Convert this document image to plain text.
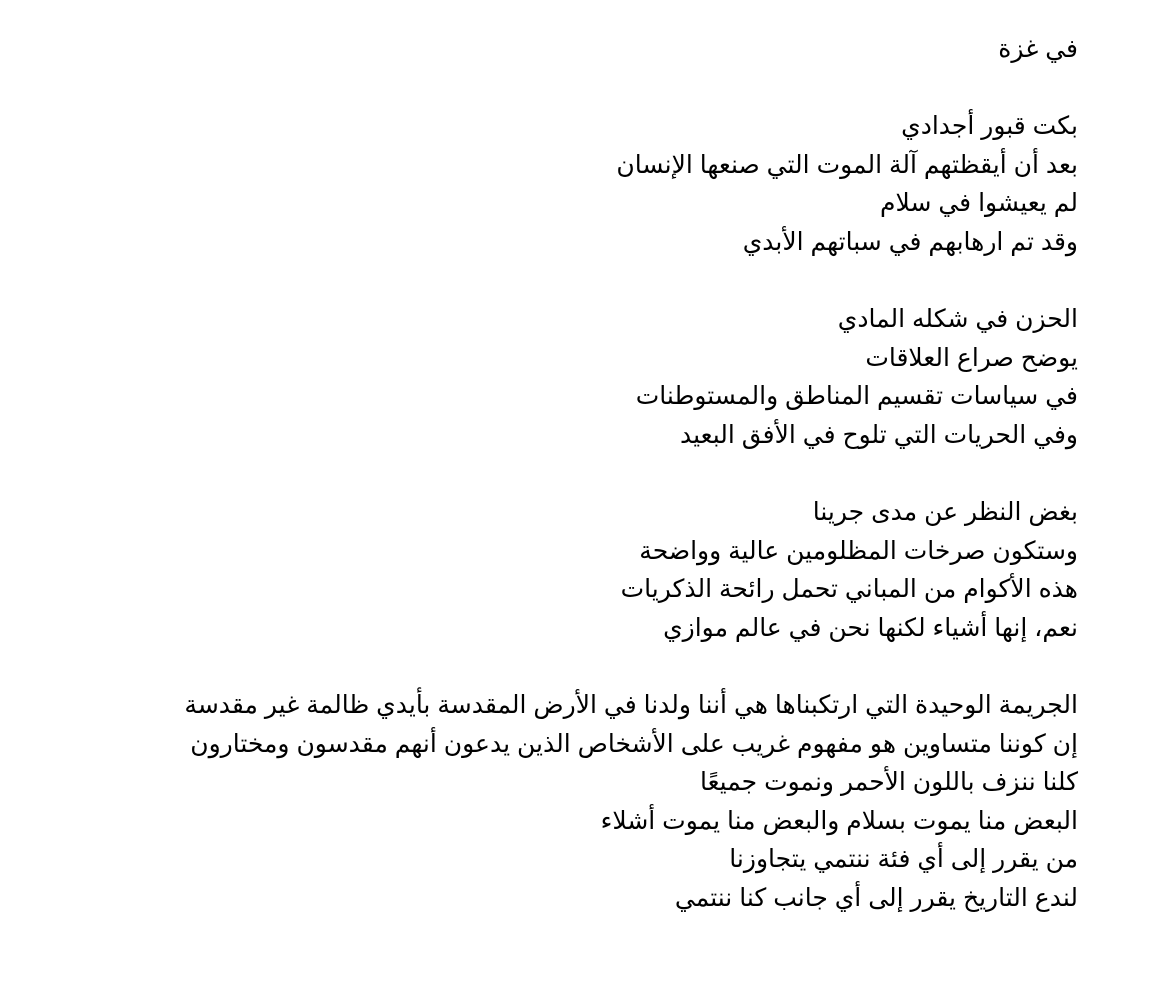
في غزة
بكت قبور أجدادي
بعد أن أيقظتهم آلة الموت التي صنعها الإنسان
لم يعيشوا في سلام
وقد تم ارهابهم في سباتهم الأبدي
الحزن في شكله المادي
يوضح صراع العلاقات
في سياسات تقسيم المناطق والمستوطنات
وفي الحريات التي تلوح في الأفق البعيد
بغض النظر عن مدى جرينا
وستكون صرخات المظلومين عالية وواضحة
هذه الأكوام من المباني تحمل رائحة الذكريات
نعم، إنها أشياء لكنها نحن في عالم موازي
الجريمة الوحيدة التي ارتكبناها هي أننا ولدنا في الأرض المقدسة بأيدي ظالمة غير مقدسة
إن كوننا متساوين هو مفهوم غريب على الأشخاص الذين يدعون أنهم مقدسون ومختارون
كلنا ننزف باللون الأحمر ونموت جميعًا
البعض منا يموت بسلام والبعض منا يموت أشلاء
من يقرر إلى أي فئة ننتمي يتجاوزنا
لندع التاريخ يقرر إلى أي جانب كنا ننتمي
